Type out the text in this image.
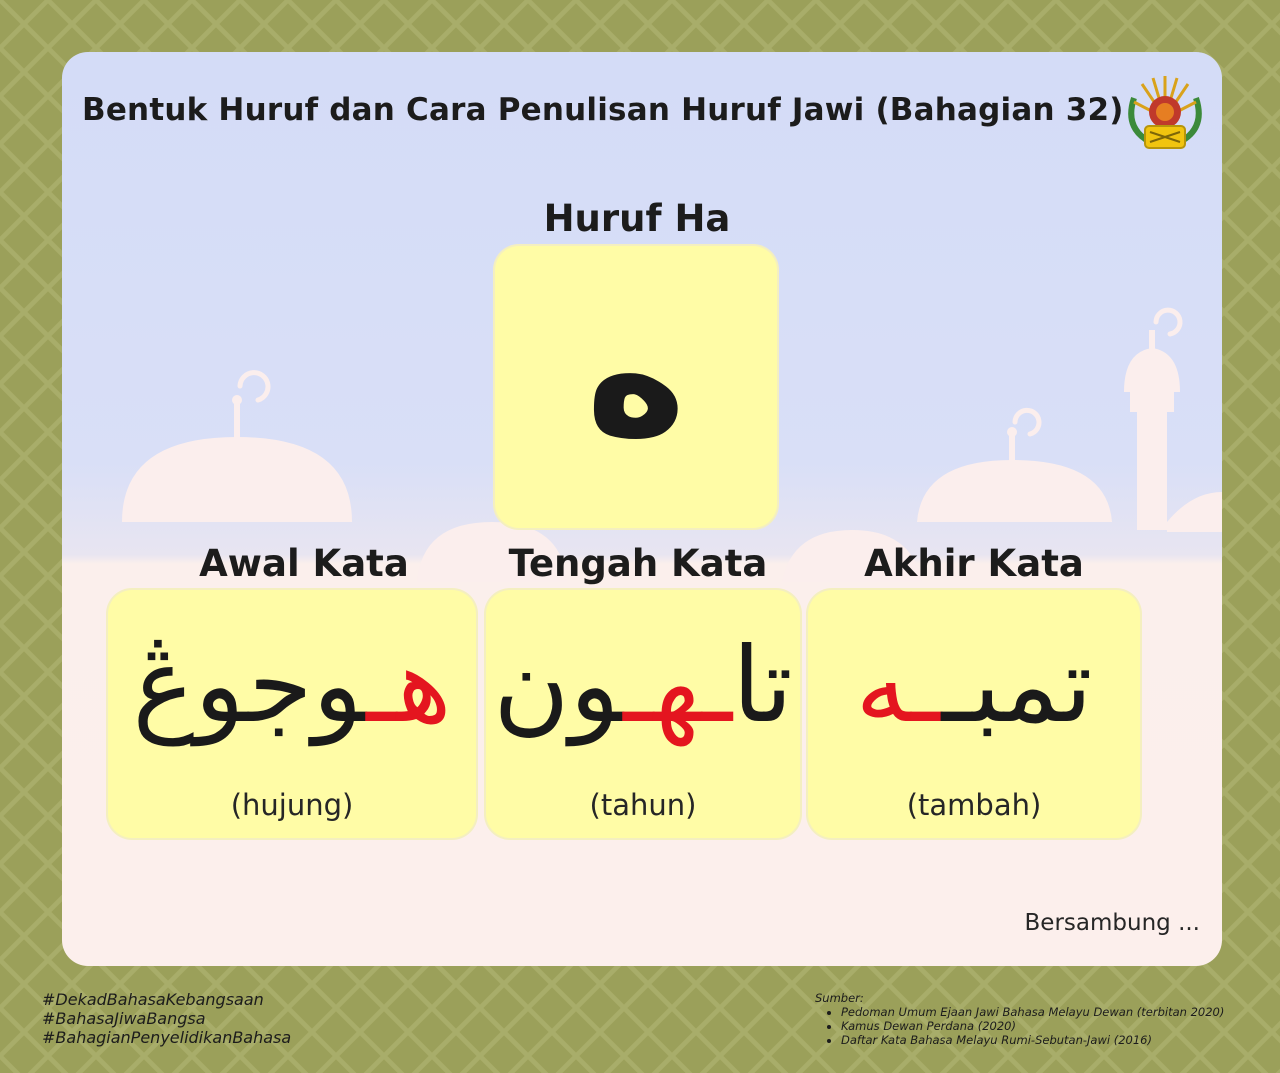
Bentuk Huruf dan Cara Penulisan Huruf Jawi (Bahagian 32)
Huruf Ha
ه
Awal Kata
هـوجوڠ
(hujung)
Tengah Kata
تاـهـون
(tahun)
Akhir Kata
تمبــه
(tambah)
Bersambung ...
#DekadBahasaKebangsaan
#BahasaJiwaBangsa
#BahagianPenyelidikanBahasa
Sumber:
• Pedoman Umum Ejaan Jawi Bahasa Melayu Dewan (terbitan 2020)
• Kamus Dewan Perdana (2020)
• Daftar Kata Bahasa Melayu Rumi-Sebutan-Jawi (2016)
